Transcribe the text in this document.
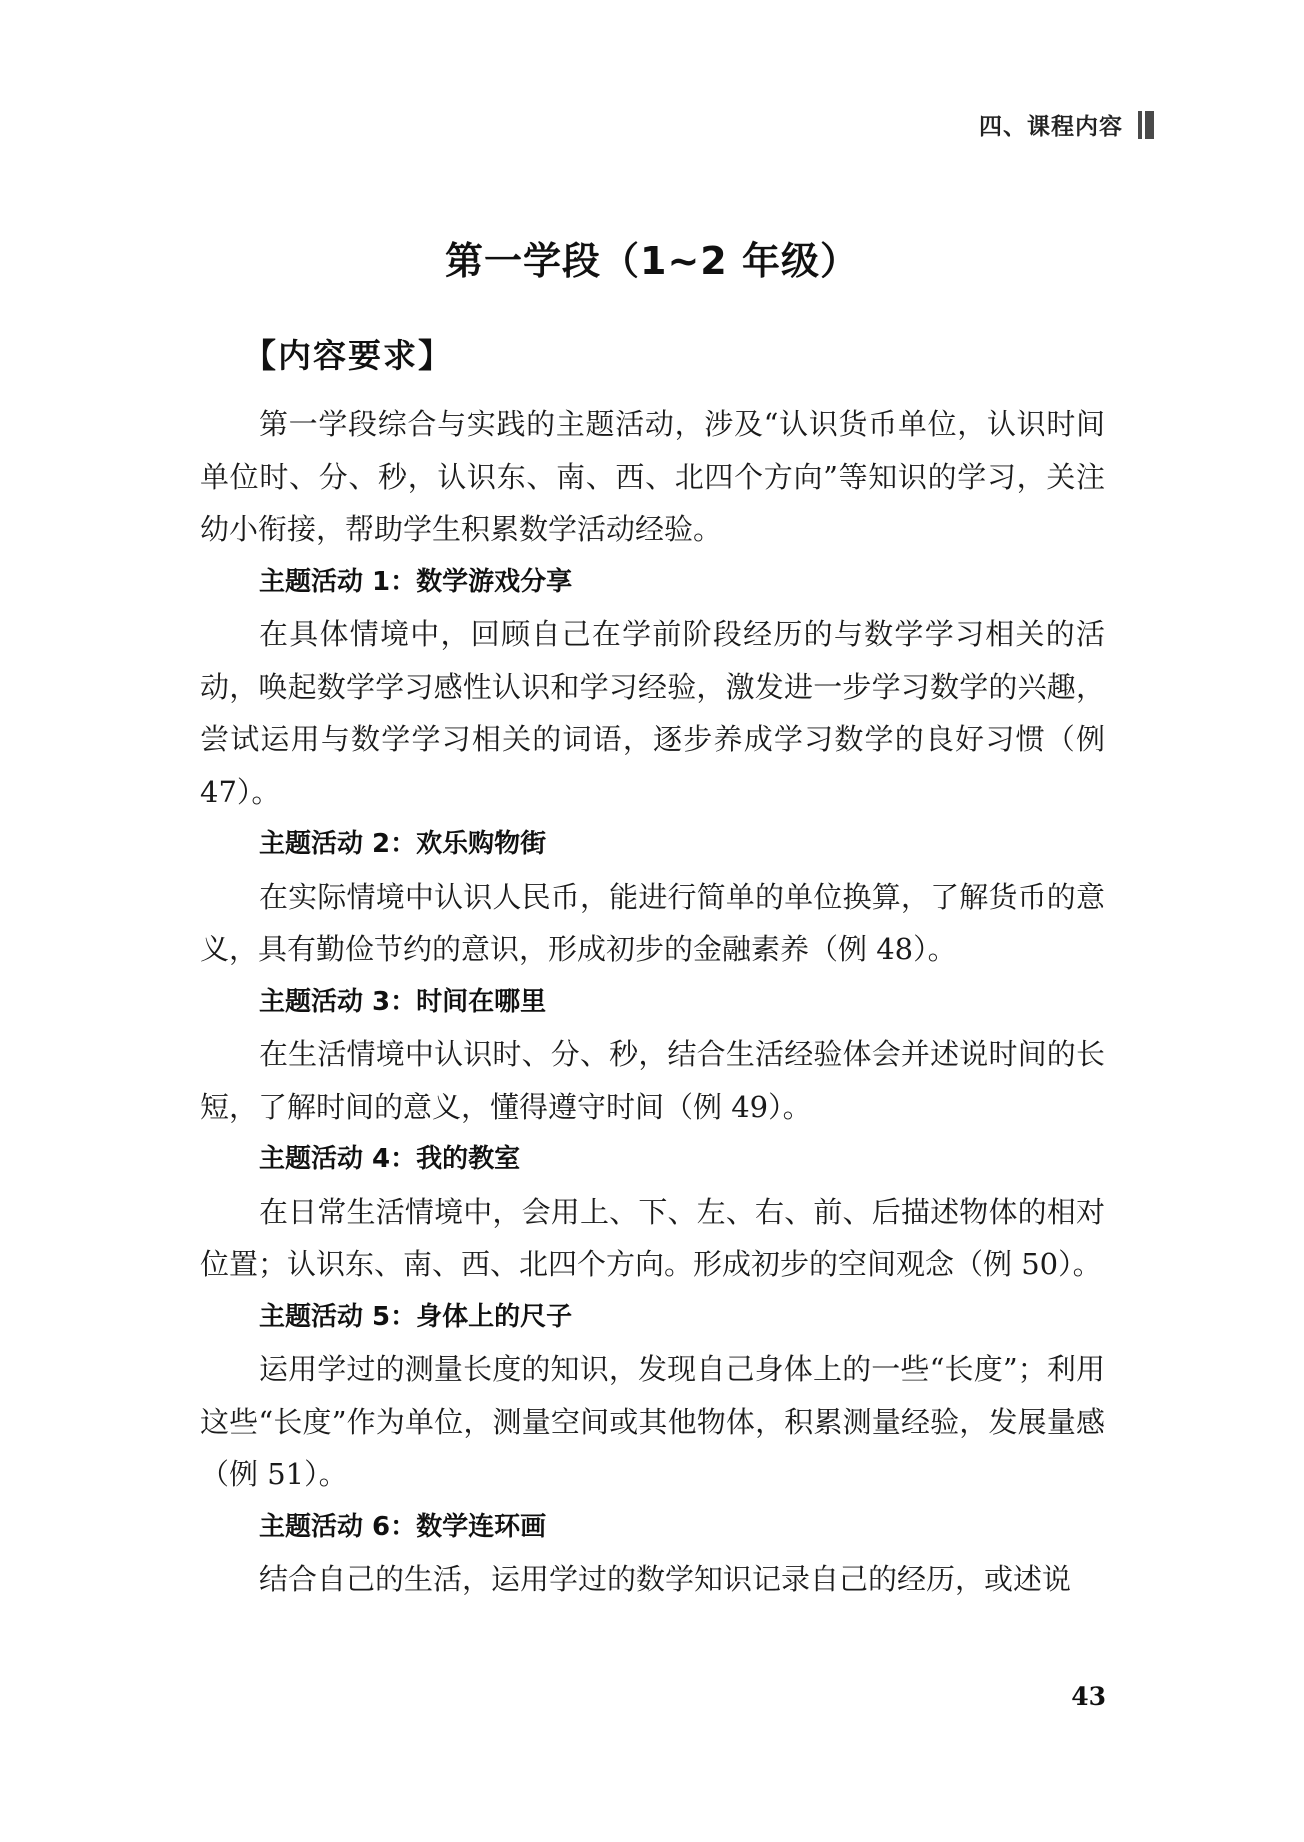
四、课程内容
第一学段（1~2 年级）
【内容要求】

第一学段综合与实践的主题活动，涉及“认识货币单位，认识时间单位时、分、秒，认识东、南、西、北四个方向”等知识的学习，关注幼小衔接，帮助学生积累数学活动经验。

主题活动 1：数学游戏分享

在具体情境中，回顾自己在学前阶段经历的与数学学习相关的活动，唤起数学学习感性认识和学习经验，激发进一步学习数学的兴趣，尝试运用与数学学习相关的词语，逐步养成学习数学的良好习惯（例 47）。

主题活动 2：欢乐购物街

在实际情境中认识人民币，能进行简单的单位换算，了解货币的意义，具有勤俭节约的意识，形成初步的金融素养（例 48）。

主题活动 3：时间在哪里

在生活情境中认识时、分、秒，结合生活经验体会并述说时间的长短，了解时间的意义，懂得遵守时间（例 49）。

主题活动 4：我的教室

在日常生活情境中，会用上、下、左、右、前、后描述物体的相对位置；认识东、南、西、北四个方向。形成初步的空间观念（例 50）。

主题活动 5：身体上的尺子

运用学过的测量长度的知识，发现自己身体上的一些“长度”；利用这些“长度”作为单位，测量空间或其他物体，积累测量经验，发展量感（例 51）。

主题活动 6：数学连环画

结合自己的生活，运用学过的数学知识记录自己的经历，或述说

43
